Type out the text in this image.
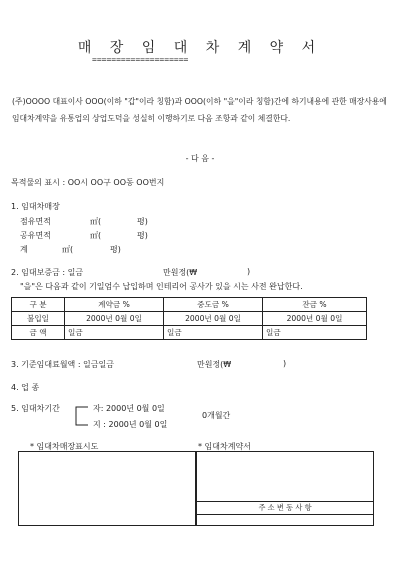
매 장 임 대 차 계 약 서
====================
(주)OOOO 대표이사 OOO(이하 "갑"이라 칭함)과 OOO(이하 "을"이라 칭함)간에 하기내용에 관한 매장사용에 임대차계약을 유통업의 상업도덕을 성실히 이행하기로 다음 조항과 같이 체결한다.
- 다 음 -
목적물의 표시 : OO시 OO구 OO동 OO번지
1. 임대차매장
점유면적	㎡(	평)
공유면적	㎡(	평)
계	㎡(	평)
2. 임대보증금 : 일금	만원정(₩	)
"을"은 다음과 같이 기일엄수 납입하며 인테리어 공사가 있을 시는 사전 완납한다.
구 분	계약금 %	중도금 %	잔금 %
불입일	2000년 0월 0일	2000년 0월 0일	2000년 0월 0일
금 액	일금	일금	일금
3. 기준임대료월액 : 일금일금	만원정(₩	)
4. 업 종
5. 임대차기간	자: 2000년 0월 0일
지 : 2000년 0월 0일
0개월간
* 임대차매장표시도	* 임대차계약서
주 소 변 동 사 항
